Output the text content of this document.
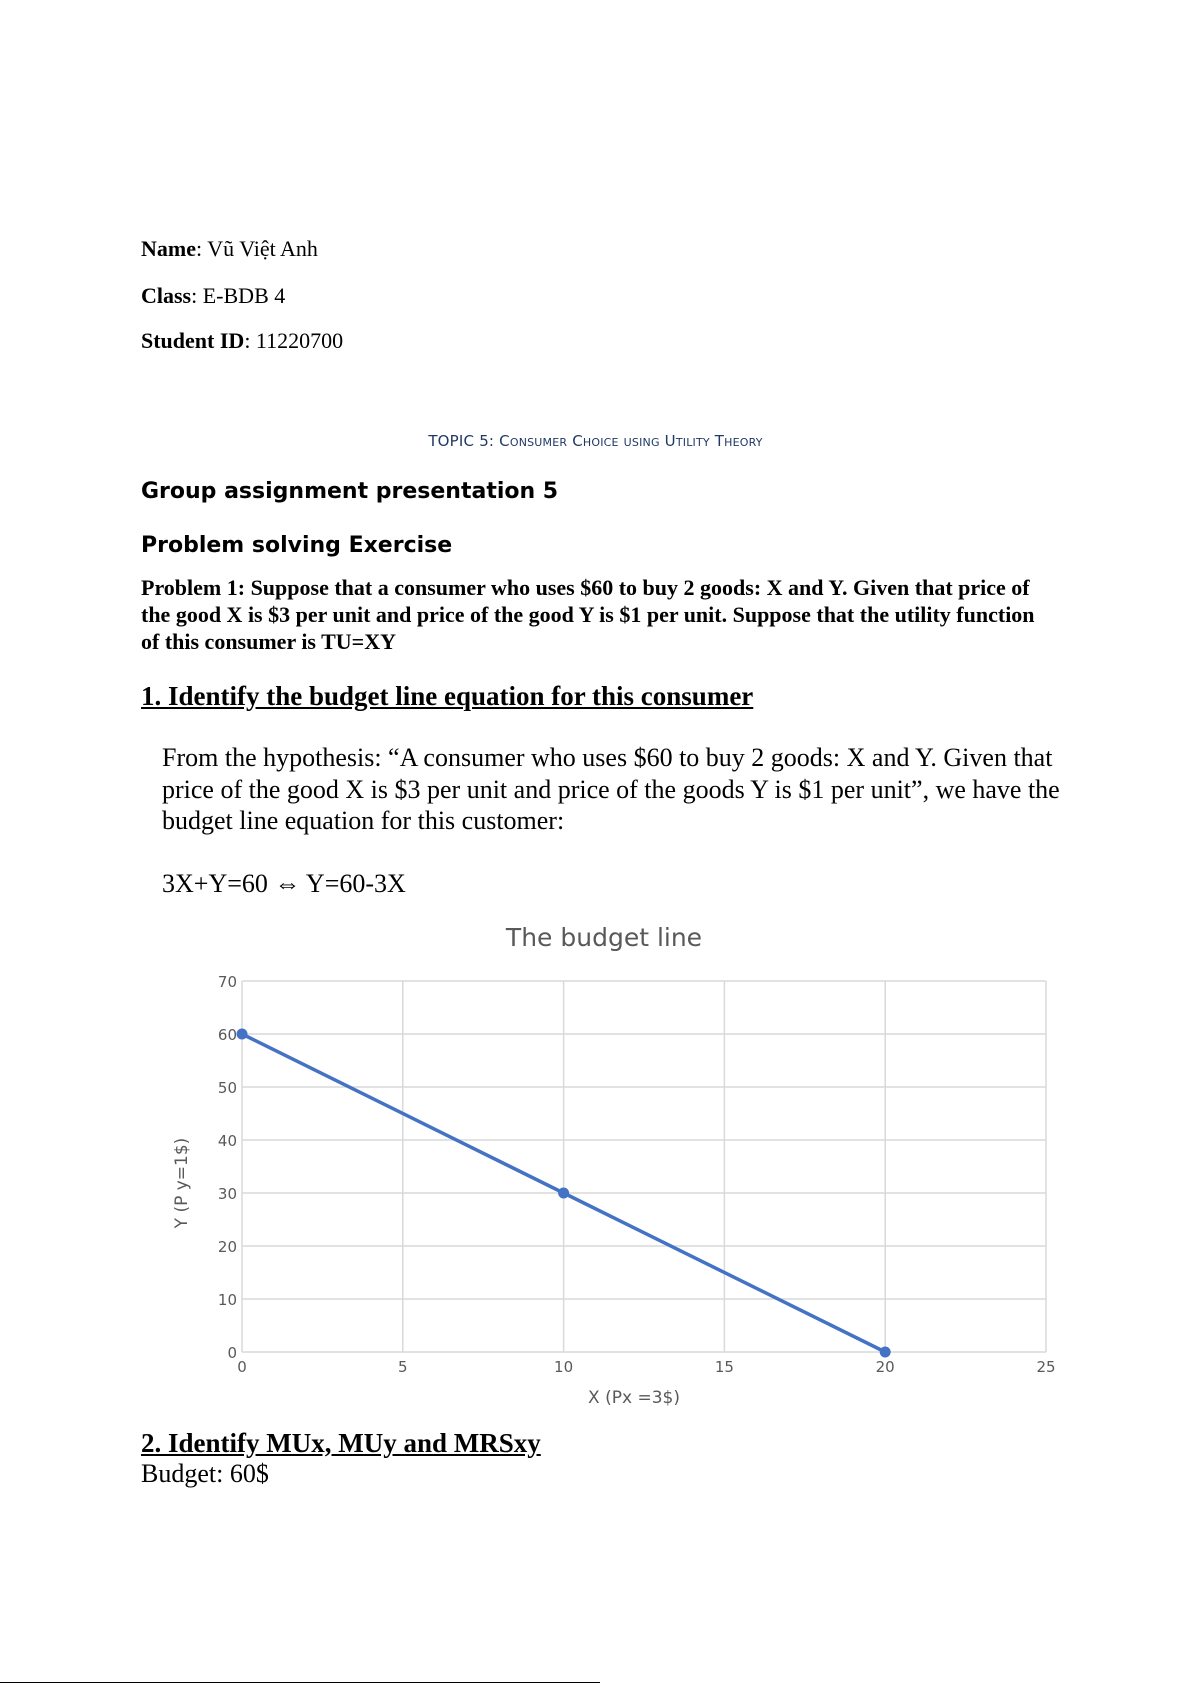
Name: Vũ Việt Anh
Class: E-BDB 4
Student ID: 11220700
TOPIC 5: Consumer Choice using Utility Theory
Group assignment presentation 5
Problem solving Exercise
Problem 1: Suppose that a consumer who uses $60 to buy 2 goods: X and Y. Given that price of the good X is $3 per unit and price of the good Y is $1 per unit. Suppose that the utility function of this consumer is TU=XY
1. Identify the budget line equation for this consumer
From the hypothesis: “A consumer who uses $60 to buy 2 goods: X and Y. Given that price of the good X is $3 per unit and price of the goods Y is $1 per unit”, we have the budget line equation for this customer:
3X+Y=60 ⇔ Y=60-3X
The budget line
0
10
20
30
40
50
60
70
0	5	10	15	20	25
X (Px =3$)
Y (P y=1$)
2. Identify MUx, MUy and MRSxy
Budget: 60$
